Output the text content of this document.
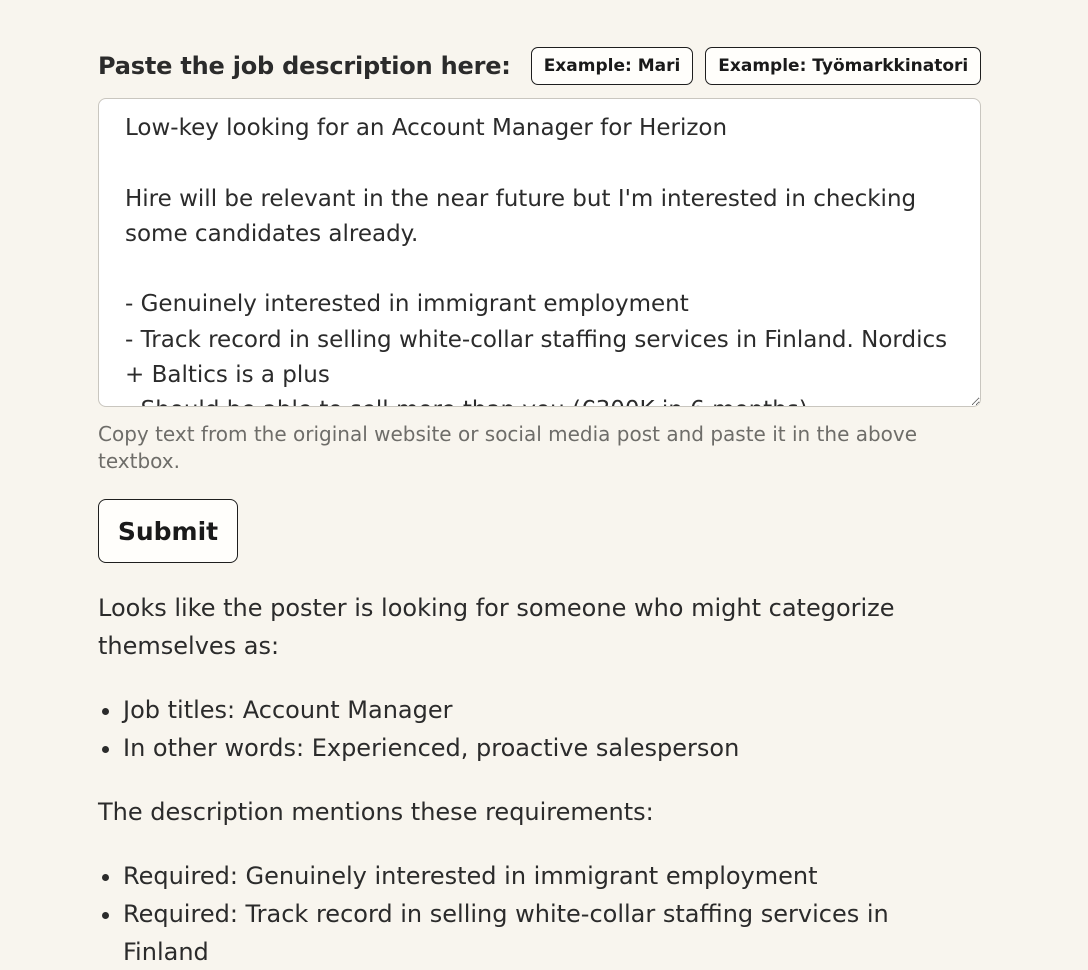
Paste the job description here:	Example: Mari	Example: Työmarkkinatori
Low-key looking for an Account Manager for Herizon Hire will be relevant in the near future but I'm interested in checking some candidates already. - Genuinely interested in immigrant employment - Track record in selling white-collar staffing services in Finland. Nordics + Baltics is a plus - Should be able to sell more than you (€300K in 6 months)
Copy text from the original website or social media post and paste it in the above textbox.
Submit

Looks like the poster is looking for someone who might categorize themselves as:

• Job titles: Account Manager
• In other words: Experienced, proactive salesperson

The description mentions these requirements:

• Required: Genuinely interested in immigrant employment
• Required: Track record in selling white-collar staffing services in Finland
